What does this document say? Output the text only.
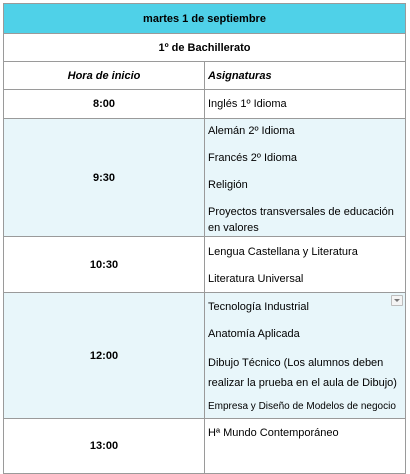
martes 1 de septiembre	
1º de Bachillerato	
Hora de inicio	Asignaturas
8:00	Inglés 1º Idioma

9:30	Alemán 2º Idioma
Francés 2º Idioma
Religión
Proyectos transversales de educación en valores

10:30	Lengua Castellana y Literatura
Literatura Universal

12:00	Tecnología Industrial
Anatomía Aplicada
Dibujo Técnico (Los alumnos deben realizar la prueba en el aula de Dibujo)
Empresa y Diseño de Modelos de negocio

13:00	Hª Mundo Contemporáneo
